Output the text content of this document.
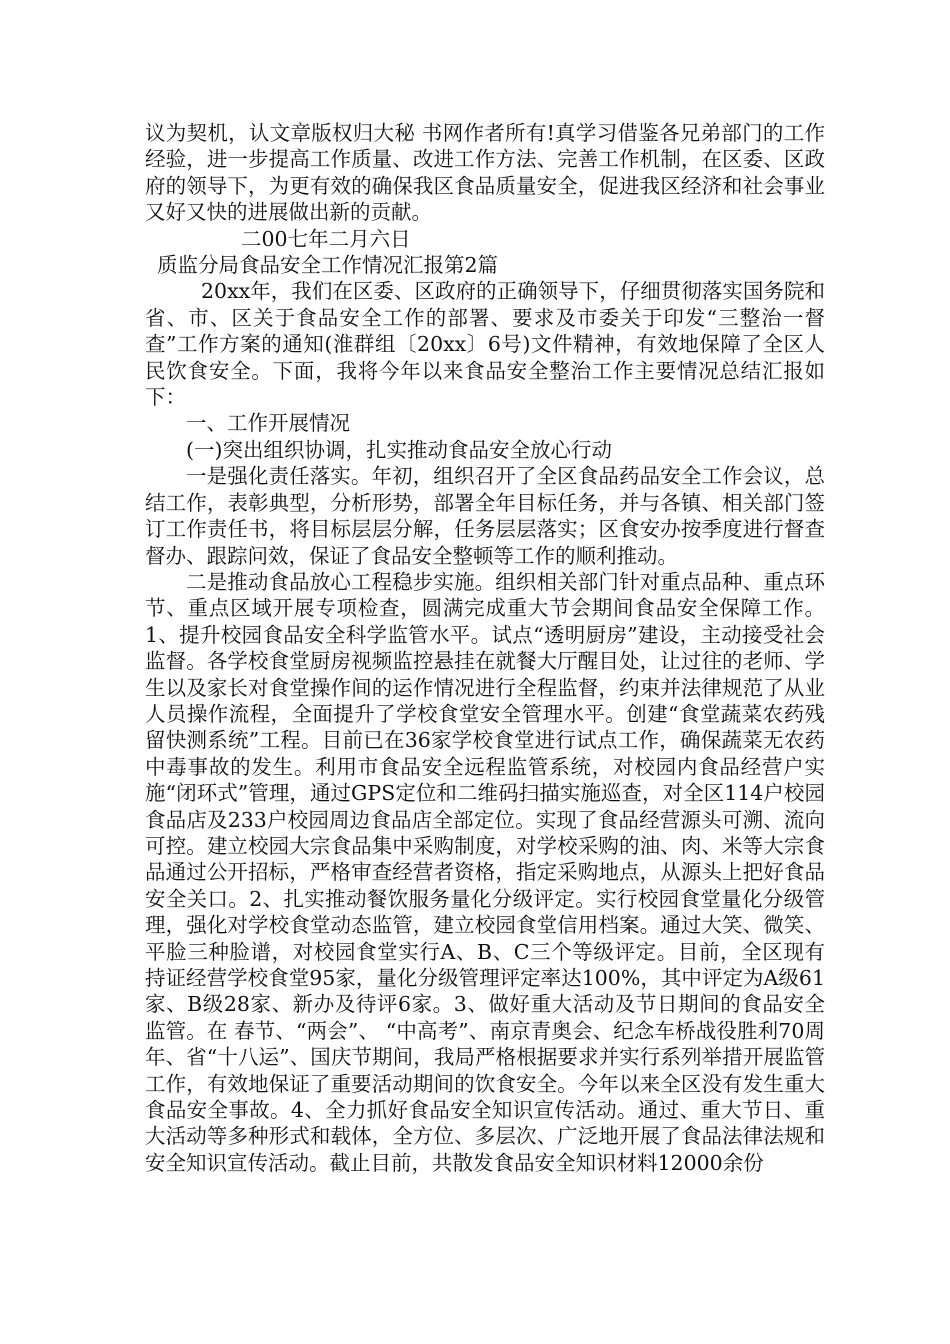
议为契机，认文章版权归大秘 书网作者所有!真学习借鉴各兄弟部门的工作经验，进一步提高工作质量、改进工作方法、完善工作机制，在区委、区政府的领导下，为更有效的确保我区食品质量安全，促进我区经济和社会事业又好又快的进展做出新的贡献。

二00七年二月六日

质监分局食品安全工作情况汇报第2篇

20xx年，我们在区委、区政府的正确领导下，仔细贯彻落实国务院和省、市、区关于食品安全工作的部署、要求及市委关于印发“三整治一督查”工作方案的通知(淮群组〔20xx〕6号)文件精神，有效地保障了全区人民饮食安全。下面，我将今年以来食品安全整治工作主要情况总结汇报如下：

一、工作开展情况

(一)突出组织协调，扎实推动食品安全放心行动

一是强化责任落实。年初，组织召开了全区食品药品安全工作会议，总结工作，表彰典型，分析形势，部署全年目标任务，并与各镇、相关部门签订工作责任书，将目标层层分解，任务层层落实；区食安办按季度进行督查督办、跟踪问效，保证了食品安全整顿等工作的顺利推动。

二是推动食品放心工程稳步实施。组织相关部门针对重点品种、重点环节、重点区域开展专项检查，圆满完成重大节会期间食品安全保障工作。1、提升校园食品安全科学监管水平。试点“透明厨房”建设，主动接受社会监督。各学校食堂厨房视频监控悬挂在就餐大厅醒目处，让过往的老师、学生以及家长对食堂操作间的运作情况进行全程监督，约束并法律规范了从业人员操作流程，全面提升了学校食堂安全管理水平。创建“食堂蔬菜农药残留快测系统”工程。目前已在36家学校食堂进行试点工作，确保蔬菜无农药中毒事故的发生。利用市食品安全远程监管系统，对校园内食品经营户实施“闭环式”管理，通过GPS定位和二维码扫描实施巡查，对全区114户校园食品店及233户校园周边食品店全部定位。实现了食品经营源头可溯、流向可控。建立校园大宗食品集中采购制度，对学校采购的油、肉、米等大宗食品通过公开招标，严格审查经营者资格，指定采购地点，从源头上把好食品安全关口。2、扎实推动餐饮服务量化分级评定。实行校园食堂量化分级管理，强化对学校食堂动态监管，建立校园食堂信用档案。通过大笑、微笑、平脸三种脸谱，对校园食堂实行A、B、C三个等级评定。目前，全区现有持证经营学校食堂95家，量化分级管理评定率达100%，其中评定为A级61家、B级28家、新办及待评6家。3、做好重大活动及节日期间的食品安全监管。在 春节、“两会”、 “中高考”、南京青奥会、纪念车桥战役胜利70周年、省“十八运”、国庆节期间，我局严格根据要求并实行系列举措开展监管工作，有效地保证了重要活动期间的饮食安全。今年以来全区没有发生重大食品安全事故。4、全力抓好食品安全知识宣传活动。通过、重大节日、重大活动等多种形式和载体，全方位、多层次、广泛地开展了食品法律法规和安全知识宣传活动。截止目前，共散发食品安全知识材料12000余份
